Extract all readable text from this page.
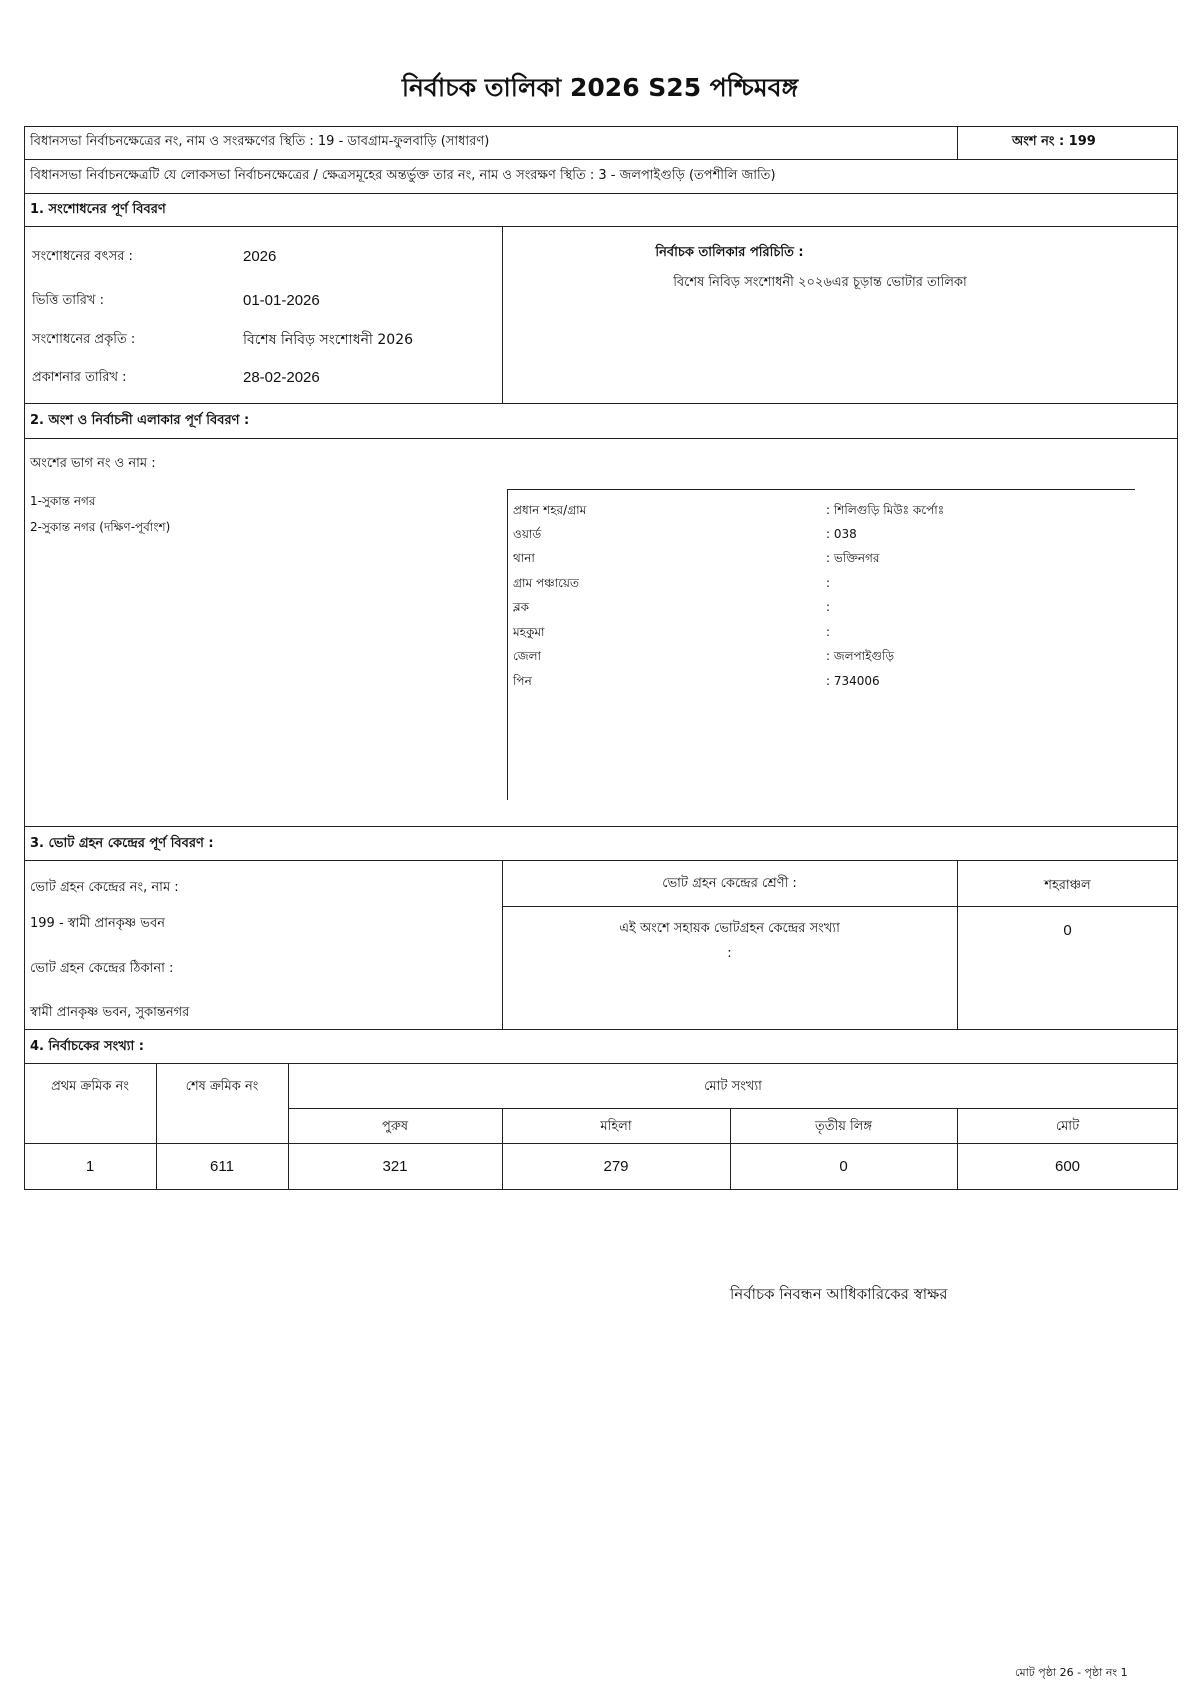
নির্বাচক তালিকা 2026 S25 পশ্চিমবঙ্গ
বিধানসভা নির্বাচনক্ষেত্রের নং, নাম ও সংরক্ষণের স্থিতি : 19 - ডাবগ্রাম-ফুলবাড়ি (সাধারণ)	অংশ নং : 199
বিধানসভা নির্বাচনক্ষেত্রটি যে লোকসভা নির্বাচনক্ষেত্রের / ক্ষেত্রসমূহের অন্তর্ভুক্ত তার নং, নাম ও সংরক্ষণ স্থিতি : 3 - জলপাইগুড়ি (তপশীলি জাতি)
1. সংশোধনের পূর্ণ বিবরণ
সংশোধনের বৎসর :	2026
ভিত্তি তারিখ :	01-01-2026
সংশোধনের প্রকৃতি :	বিশেষ নিবিড় সংশোধনী 2026
প্রকাশনার তারিখ :	28-02-2026
নির্বাচক তালিকার পরিচিতি :
বিশেষ নিবিড় সংশোধনী ২০২৬এর চূড়ান্ত ভোটার তালিকা
2. অংশ ও নির্বাচনী এলাকার পূর্ণ বিবরণ :
অংশের ভাগ নং ও নাম :
1-সুকান্ত নগর
2-সুকান্ত নগর (দক্ষিণ-পূর্বাংশ)
প্রধান শহর/গ্রাম	: শিলিগুড়ি মিউঃ কর্পোঃ
ওয়ার্ড	: 038
থানা	: ভক্তিনগর
গ্রাম পঞ্চায়েত	:
ব্লক	:
মহকুমা	:
জেলা	: জলপাইগুড়ি
পিন	: 734006
3. ভোট গ্রহন কেন্দ্রের পূর্ণ বিবরণ :
ভোট গ্রহন কেন্দ্রের নং, নাম :
199 - স্বামী প্রানকৃষ্ণ ভবন
ভোট গ্রহন কেন্দ্রের ঠিকানা :
স্বামী প্রানকৃষ্ণ ভবন, সুকান্তনগর
ভোট গ্রহন কেন্দ্রের শ্রেণী :	শহরাঞ্চল
এই অংশে সহায়ক ভোটগ্রহন কেন্দ্রের সংখ্যা
:
0
4. নির্বাচকের সংখ্যা :
প্রথম ক্রমিক নং	শেষ ক্রমিক নং	মোট সংখ্যা
পুরুষ	মহিলা	তৃতীয় লিঙ্গ	মোট
1	611	321	279	0	600
নির্বাচক নিবন্ধন আধিকারিকের স্বাক্ষর
মোট পৃষ্ঠা 26 - পৃষ্ঠা নং 1
